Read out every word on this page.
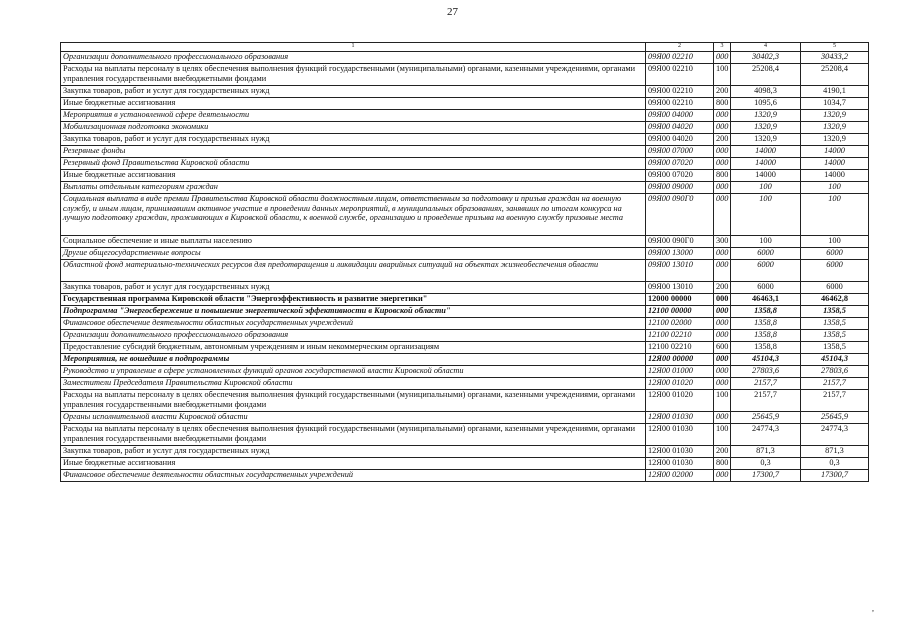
27
1	2	3	4	5
Организации дополнительного профессионального образования	09Я00 02210	000	30402,3	30433,2
Расходы на выплаты персоналу в целях обеспечения выполнения функций государственными (муниципальными) органами, казенными учреждениями, органами управления государственными внебюджетными фондами	09Я00 02210	100	25208,4	25208,4
Закупка товаров, работ и услуг для государственных нужд	09Я00 02210	200	4098,3	4190,1
Иные бюджетные ассигнования	09Я00 02210	800	1095,6	1034,7
Мероприятия в установленной сфере деятельности	09Я00 04000	000	1320,9	1320,9
Мобилизационная подготовка экономики	09Я00 04020	000	1320,9	1320,9
Закупка товаров, работ и услуг для государственных нужд	09Я00 04020	200	1320,9	1320,9
Резервные фонды	09Я00 07000	000	14000	14000
Резервный фонд Правительства Кировской области	09Я00 07020	000	14000	14000
Иные бюджетные ассигнования	09Я00 07020	800	14000	14000
Выплаты отдельным категориям граждан	09Я00 09000	000	100	100
Социальная выплата в виде премии Правительства Кировской области должностным лицам, ответственным за подготовку и призыв граждан на военную службу, и иным лицам, принимавшим активное участие в проведении данных мероприятий, в муниципальных образованиях, занявших по итогам конкурса на лучшую подготовку граждан, проживающих в Кировской области, к военной службе, организацию и проведение призыва на военную службу призовые места	09Я00 090Г0	000	100	100
Социальное обеспечение и иные выплаты населению	09Я00 090Г0	300	100	100
Другие общегосударственные вопросы	09Я00 13000	000	6000	6000
Областной фонд материально-технических ресурсов для предотвращения и ликвидации аварийных ситуаций на объектах жизнеобеспечения области	09Я00 13010	000	6000	6000
Закупка товаров, работ и услуг для государственных нужд	09Я00 13010	200	6000	6000
Государственная программа Кировской области "Энергоэффективность и развитие энергетики"	12000 00000	000	46463,1	46462,8
Подпрограмма "Энергосбережение и повышение энергетической эффективности в Кировской области"	12100 00000	000	1358,8	1358,5
Финансовое обеспечение деятельности областных государственных учреждений	12100 02000	000	1358,8	1358,5
Организации дополнительного профессионального образования	12100 02210	000	1358,8	1358,5
Предоставление субсидий бюджетным, автономным учреждениям и иным некоммерческим организациям	12100 02210	600	1358,8	1358,5
Мероприятия, не вошедшие в подпрограммы	12Я00 00000	000	45104,3	45104,3
Руководство и управление в сфере установленных функций органов государственной власти Кировской области	12Я00 01000	000	27803,6	27803,6
Заместители Председателя Правительства Кировской области	12Я00 01020	000	2157,7	2157,7
Расходы на выплаты персоналу в целях обеспечения выполнения функций государственными (муниципальными) органами, казенными учреждениями, органами управления государственными внебюджетными фондами	12Я00 01020	100	2157,7	2157,7
Органы исполнительной власти Кировской области	12Я00 01030	000	25645,9	25645,9
Расходы на выплаты персоналу в целях обеспечения выполнения функций государственными (муниципальными) органами, казенными учреждениями, органами управления государственными внебюджетными фондами	12Я00 01030	100	24774,3	24774,3
Закупка товаров, работ и услуг для государственных нужд	12Я00 01030	200	871,3	871,3
Иные бюджетные ассигнования	12Я00 01030	800	0,3	0,3
Финансовое обеспечение деятельности областных государственных учреждений	12Я00 02000	000	17300,7	17300,7
,
